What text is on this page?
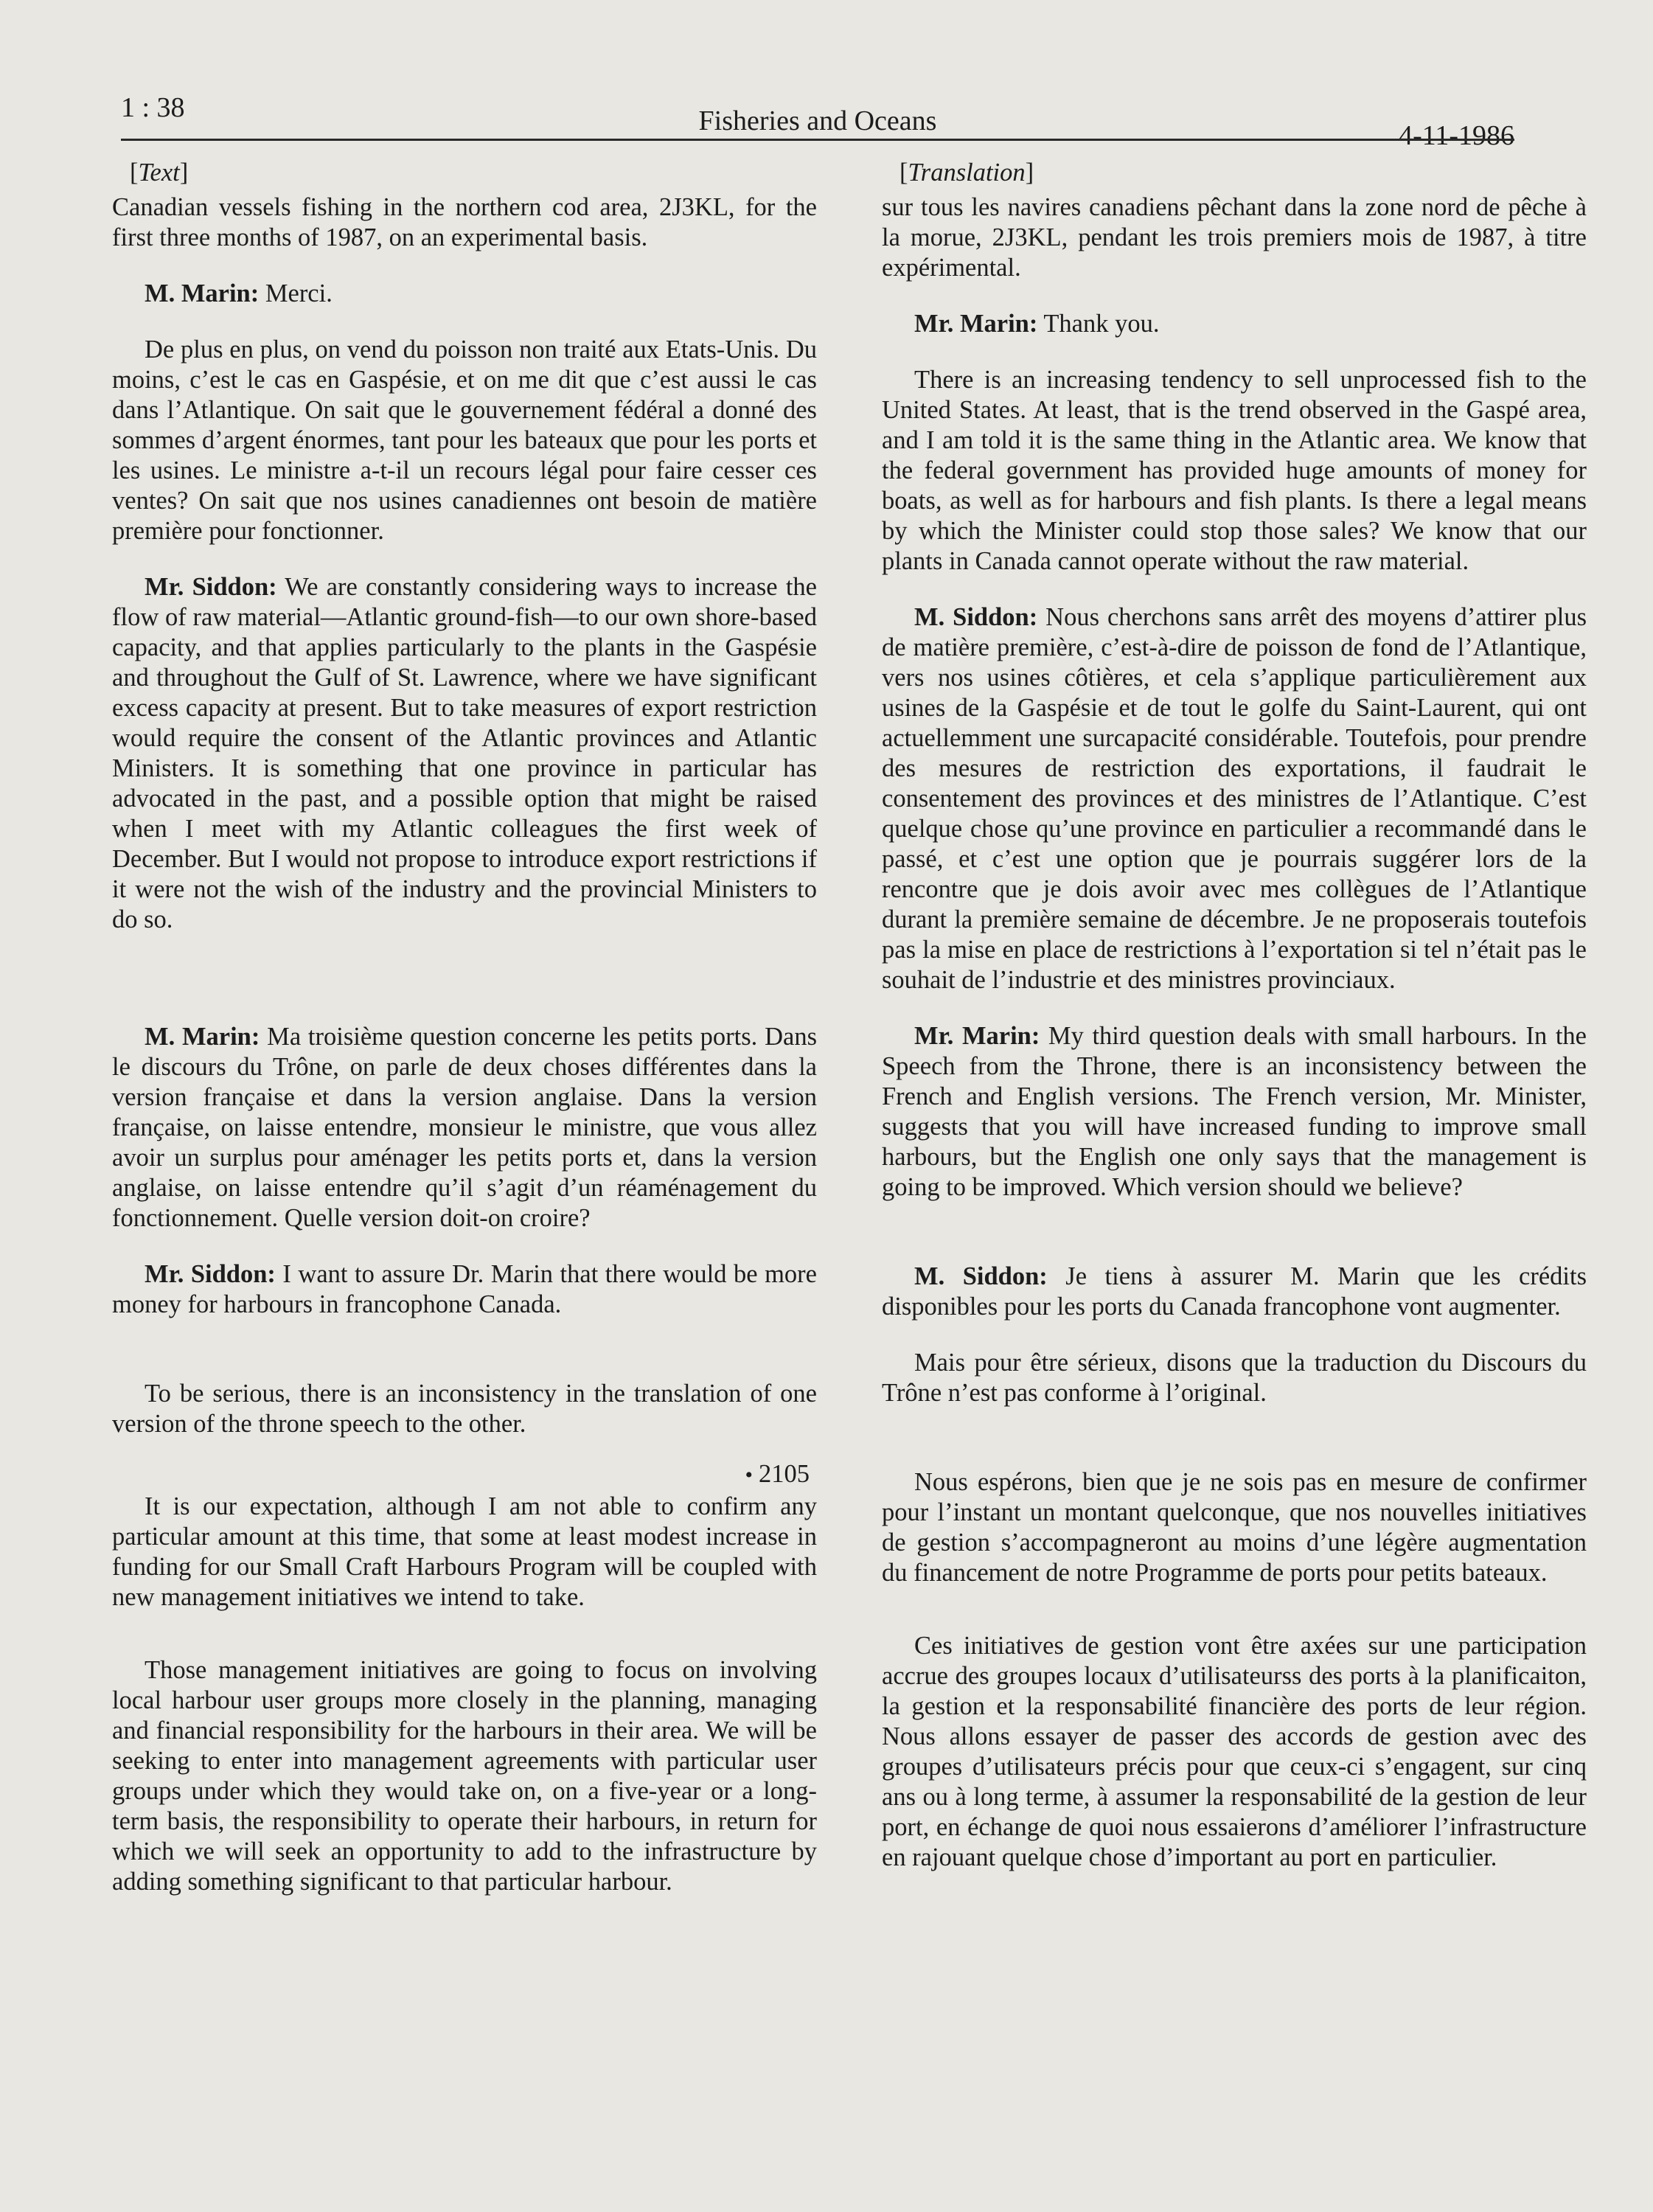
1 : 38	Fisheries and Oceans	4-11-1986
[Text]

Canadian vessels fishing in the northern cod area, 2J3KL, for the first three months of 1987, on an experimental basis.

M. Marin: Merci.

De plus en plus, on vend du poisson non traité aux Etats-Unis. Du moins, c’est le cas en Gaspésie, et on me dit que c’est aussi le cas dans l’Atlantique. On sait que le gouvernement fédéral a donné des sommes d’argent énormes, tant pour les bateaux que pour les ports et les usines. Le ministre a-t-il un recours légal pour faire cesser ces ventes? On sait que nos usines canadiennes ont besoin de matière première pour fonctionner.

Mr. Siddon: We are constantly considering ways to increase the flow of raw material—Atlantic ground-fish—to our own shore-based capacity, and that applies particularly to the plants in the Gaspésie and throughout the Gulf of St. Lawrence, where we have significant excess capacity at present. But to take measures of export restriction would require the consent of the Atlantic provinces and Atlantic Ministers. It is something that one province in particular has advocated in the past, and a possible option that might be raised when I meet with my Atlantic colleagues the first week of December. But I would not propose to introduce export restrictions if it were not the wish of the industry and the provincial Ministers to do so.

M. Marin: Ma troisième question concerne les petits ports. Dans le discours du Trône, on parle de deux choses différentes dans la version française et dans la version anglaise. Dans la version française, on laisse entendre, monsieur le ministre, que vous allez avoir un surplus pour aménager les petits ports et, dans la version anglaise, on laisse entendre qu’il s’agit d’un réaménagement du fonctionnement. Quelle version doit-on croire?

Mr. Siddon: I want to assure Dr. Marin that there would be more money for harbours in francophone Canada.

To be serious, there is an inconsistency in the translation of one version of the throne speech to the other.

• 2105

It is our expectation, although I am not able to confirm any particular amount at this time, that some at least modest increase in funding for our Small Craft Harbours Program will be coupled with new management initiatives we intend to take.

Those management initiatives are going to focus on involving local harbour user groups more closely in the planning, managing and financial responsibility for the harbours in their area. We will be seeking to enter into management agreements with particular user groups under which they would take on, on a five-year or a long-term basis, the responsibility to operate their harbours, in return for which we will seek an opportunity to add to the infrastructure by adding something significant to that particular harbour.

[Translation]

sur tous les navires canadiens pêchant dans la zone nord de pêche à la morue, 2J3KL, pendant les trois premiers mois de 1987, à titre expérimental.

Mr. Marin: Thank you.

There is an increasing tendency to sell unprocessed fish to the United States. At least, that is the trend observed in the Gaspé area, and I am told it is the same thing in the Atlantic area. We know that the federal government has provided huge amounts of money for boats, as well as for harbours and fish plants. Is there a legal means by which the Minister could stop those sales? We know that our plants in Canada cannot operate without the raw material.

M. Siddon: Nous cherchons sans arrêt des moyens d’attirer plus de matière première, c’est-à-dire de poisson de fond de l’Atlantique, vers nos usines côtières, et cela s’applique particulièrement aux usines de la Gaspésie et de tout le golfe du Saint-Laurent, qui ont actuellemment une surcapacité considérable. Toutefois, pour prendre des mesures de restriction des exportations, il faudrait le consentement des provinces et des ministres de l’Atlantique. C’est quelque chose qu’une province en particulier a recommandé dans le passé, et c’est une option que je pourrais suggérer lors de la rencontre que je dois avoir avec mes collègues de l’Atlantique durant la première semaine de décembre. Je ne proposerais toutefois pas la mise en place de restrictions à l’exportation si tel n’était pas le souhait de l’industrie et des ministres provinciaux.

Mr. Marin: My third question deals with small harbours. In the Speech from the Throne, there is an inconsistency between the French and English versions. The French version, Mr. Minister, suggests that you will have increased funding to improve small harbours, but the English one only says that the management is going to be improved. Which version should we believe?

M. Siddon: Je tiens à assurer M. Marin que les crédits disponibles pour les ports du Canada francophone vont augmenter.

Mais pour être sérieux, disons que la traduction du Discours du Trône n’est pas conforme à l’original.

Nous espérons, bien que je ne sois pas en mesure de confirmer pour l’instant un montant quelconque, que nos nouvelles initiatives de gestion s’accompagneront au moins d’une légère augmentation du financement de notre Programme de ports pour petits bateaux.

Ces initiatives de gestion vont être axées sur une participation accrue des groupes locaux d’utilisateurss des ports à la planificaiton, la gestion et la responsabilité financière des ports de leur région. Nous allons essayer de passer des accords de gestion avec des groupes d’utilisateurs précis pour que ceux-ci s’engagent, sur cinq ans ou à long terme, à assumer la responsabilité de la gestion de leur port, en échange de quoi nous essaierons d’améliorer l’infrastructure en rajouant quelque chose d’important au port en particulier.
